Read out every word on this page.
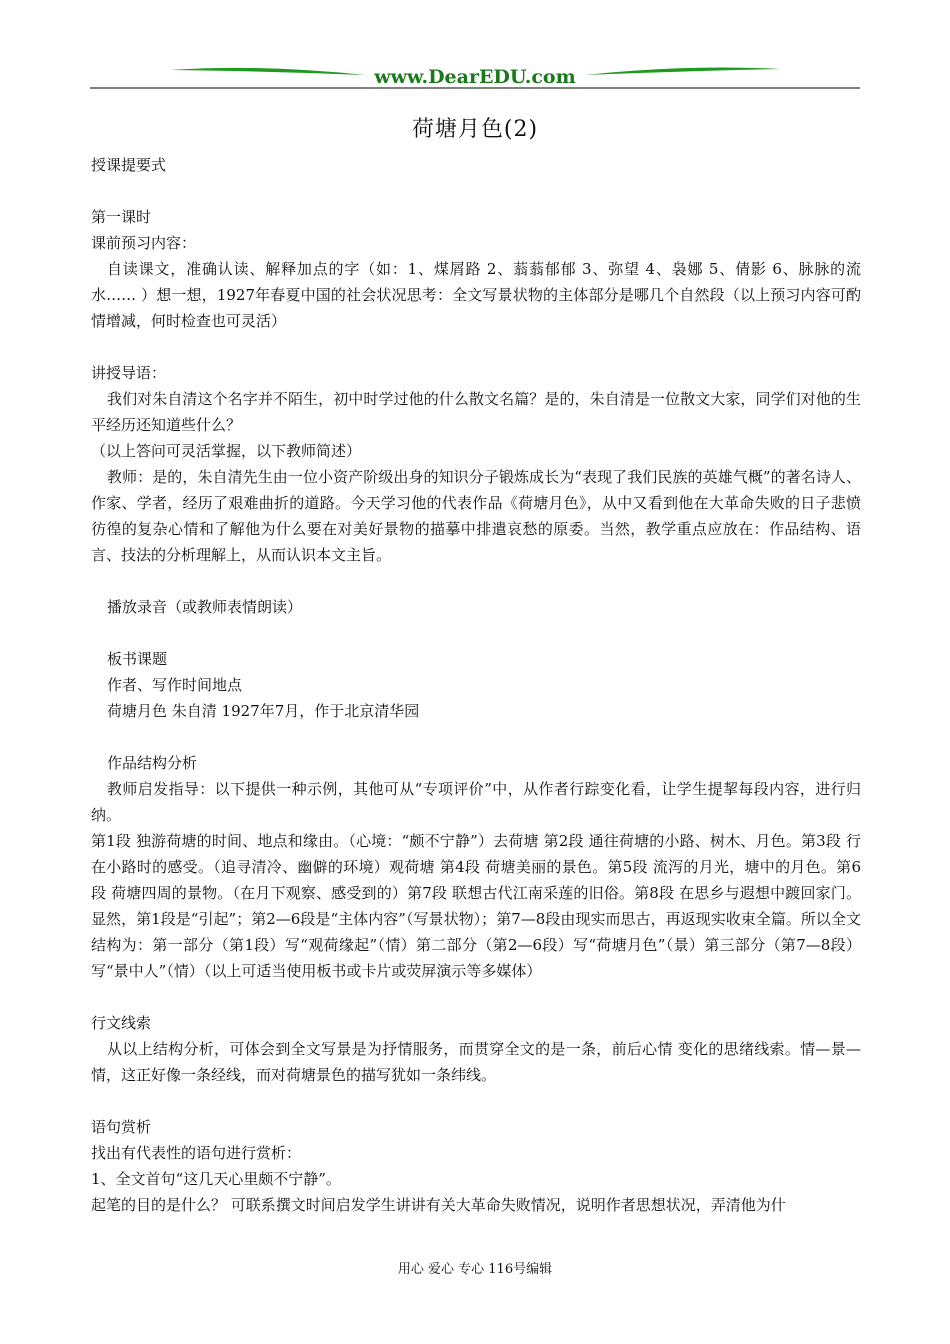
www.DearEDU.com
荷塘月色(2)

授课提要式

第一课时

课前预习内容：

自读课文，准确认读、解释加点的字（如：1、煤屑路 2、蓊蓊郁郁 3、弥望 4、袅娜 5、倩影 6、脉脉的流水…… ）想一想，1927年春夏中国的社会状况思考：全文写景状物的主体部分是哪几个自然段（以上预习内容可酌情增减，何时检查也可灵活）

讲授导语：

我们对朱自清这个名字并不陌生，初中时学过他的什么散文名篇？是的，朱自清是一位散文大家，同学们对他的生平经历还知道些什么？

（以上答问可灵活掌握，以下教师简述）

教师：是的，朱自清先生由一位小资产阶级出身的知识分子锻炼成长为“表现了我们民族的英雄气概”的著名诗人、作家、学者，经历了艰难曲折的道路。今天学习他的代表作品《荷塘月色》，从中又看到他在大革命失败的日子悲愤彷徨的复杂心情和了解他为什么要在对美好景物的描摹中排遣哀愁的原委。当然，教学重点应放在：作品结构、语言、技法的分析理解上，从而认识本文主旨。

播放录音（或教师表情朗读）

板书课题

作者、写作时间地点

荷塘月色 朱自清 1927年7月，作于北京清华园

作品结构分析

教师启发指导：以下提供一种示例，其他可从“专项评价”中，从作者行踪变化看，让学生提挈每段内容，进行归纳。

第1段 独游荷塘的时间、地点和缘由。（心境：“颇不宁静”）去荷塘 第2段 通往荷塘的小路、树木、月色。第3段 行在小路时的感受。（追寻清冷、幽僻的环境）观荷塘 第4段 荷塘美丽的景色。第5段 流泻的月光，塘中的月色。第6段 荷塘四周的景物。（在月下观察、感受到的）第7段 联想古代江南采莲的旧俗。第8段 在思乡与遐想中踱回家门。显然，第1段是“引起”；第2—6段是“主体内容”（写景状物）；第7—8段由现实而思古，再返现实收束全篇。所以全文结构为：第一部分（第1段）写“观荷缘起”（情）第二部分（第2—6段）写“荷塘月色”（景）第三部分（第7—8段）写“景中人”（情）（以上可适当使用板书或卡片或荧屏演示等多媒体）

行文线索

从以上结构分析，可体会到全文写景是为抒情服务，而贯穿全文的是一条，前后心情 变化的思绪线索。情—景—情，这正好像一条经线，而对荷塘景色的描写犹如一条纬线。

语句赏析

找出有代表性的语句进行赏析：

1、全文首句“这几天心里颇不宁静”。

起笔的目的是什么？ 可联系撰文时间启发学生讲讲有关大革命失败情况，说明作者思想状况，弄清他为什

用心 爱心 专心 116号编辑
